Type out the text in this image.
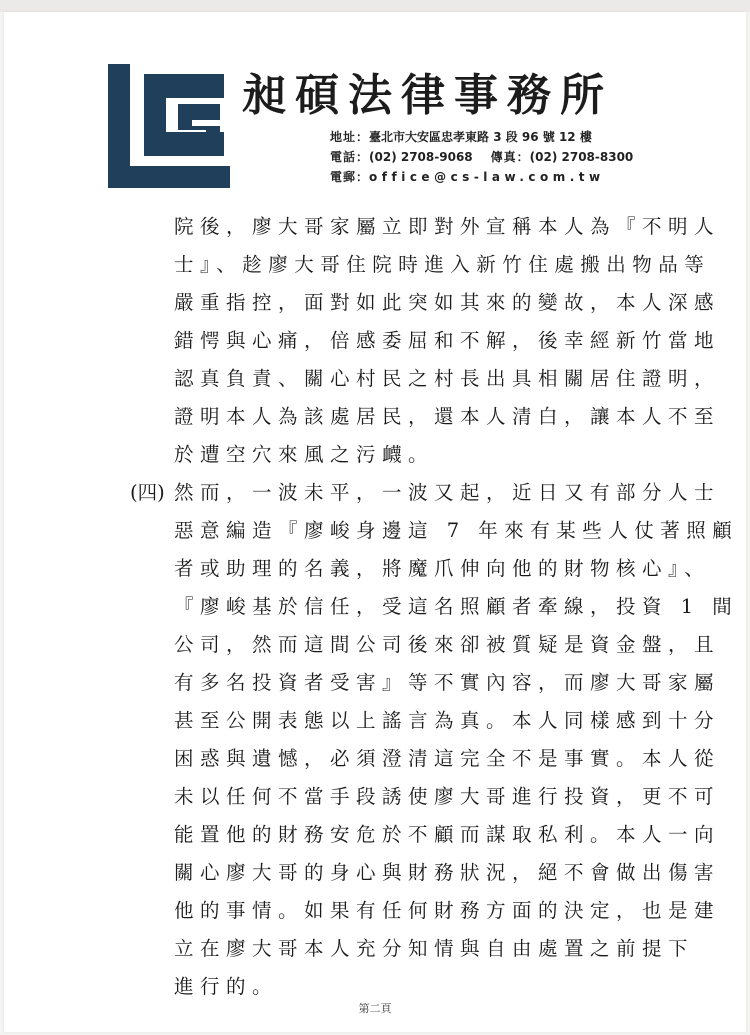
昶碩法律事務所
地址：臺北市大安區忠孝東路 3 段 96 號 12 樓
電話：(02) 2708-9068 傳真：(02) 2708-8300
電郵：office@cs-law.com.tw
院後，廖大哥家屬立即對外宣稱本人為『不明人
士』、趁廖大哥住院時進入新竹住處搬出物品等
嚴重指控，面對如此突如其來的變故，本人深感
錯愕與心痛，倍感委屈和不解，後幸經新竹當地
認真負責、關心村民之村長出具相關居住證明，
證明本人為該處居民，還本人清白，讓本人不至
於遭空穴來風之污衊。
(四) 然而，一波未平，一波又起，近日又有部分人士
惡意編造『廖峻身邊這 7 年來有某些人仗著照顧
者或助理的名義，將魔爪伸向他的財物核心』、
『廖峻基於信任，受這名照顧者牽線，投資 1 間
公司，然而這間公司後來卻被質疑是資金盤，且
有多名投資者受害』等不實內容，而廖大哥家屬
甚至公開表態以上謠言為真。本人同樣感到十分
困惑與遺憾，必須澄清這完全不是事實。本人從
未以任何不當手段誘使廖大哥進行投資，更不可
能置他的財務安危於不顧而謀取私利。本人一向
關心廖大哥的身心與財務狀況，絕不會做出傷害
他的事情。如果有任何財務方面的決定，也是建
立在廖大哥本人充分知情與自由處置之前提下
進行的。
第二頁
